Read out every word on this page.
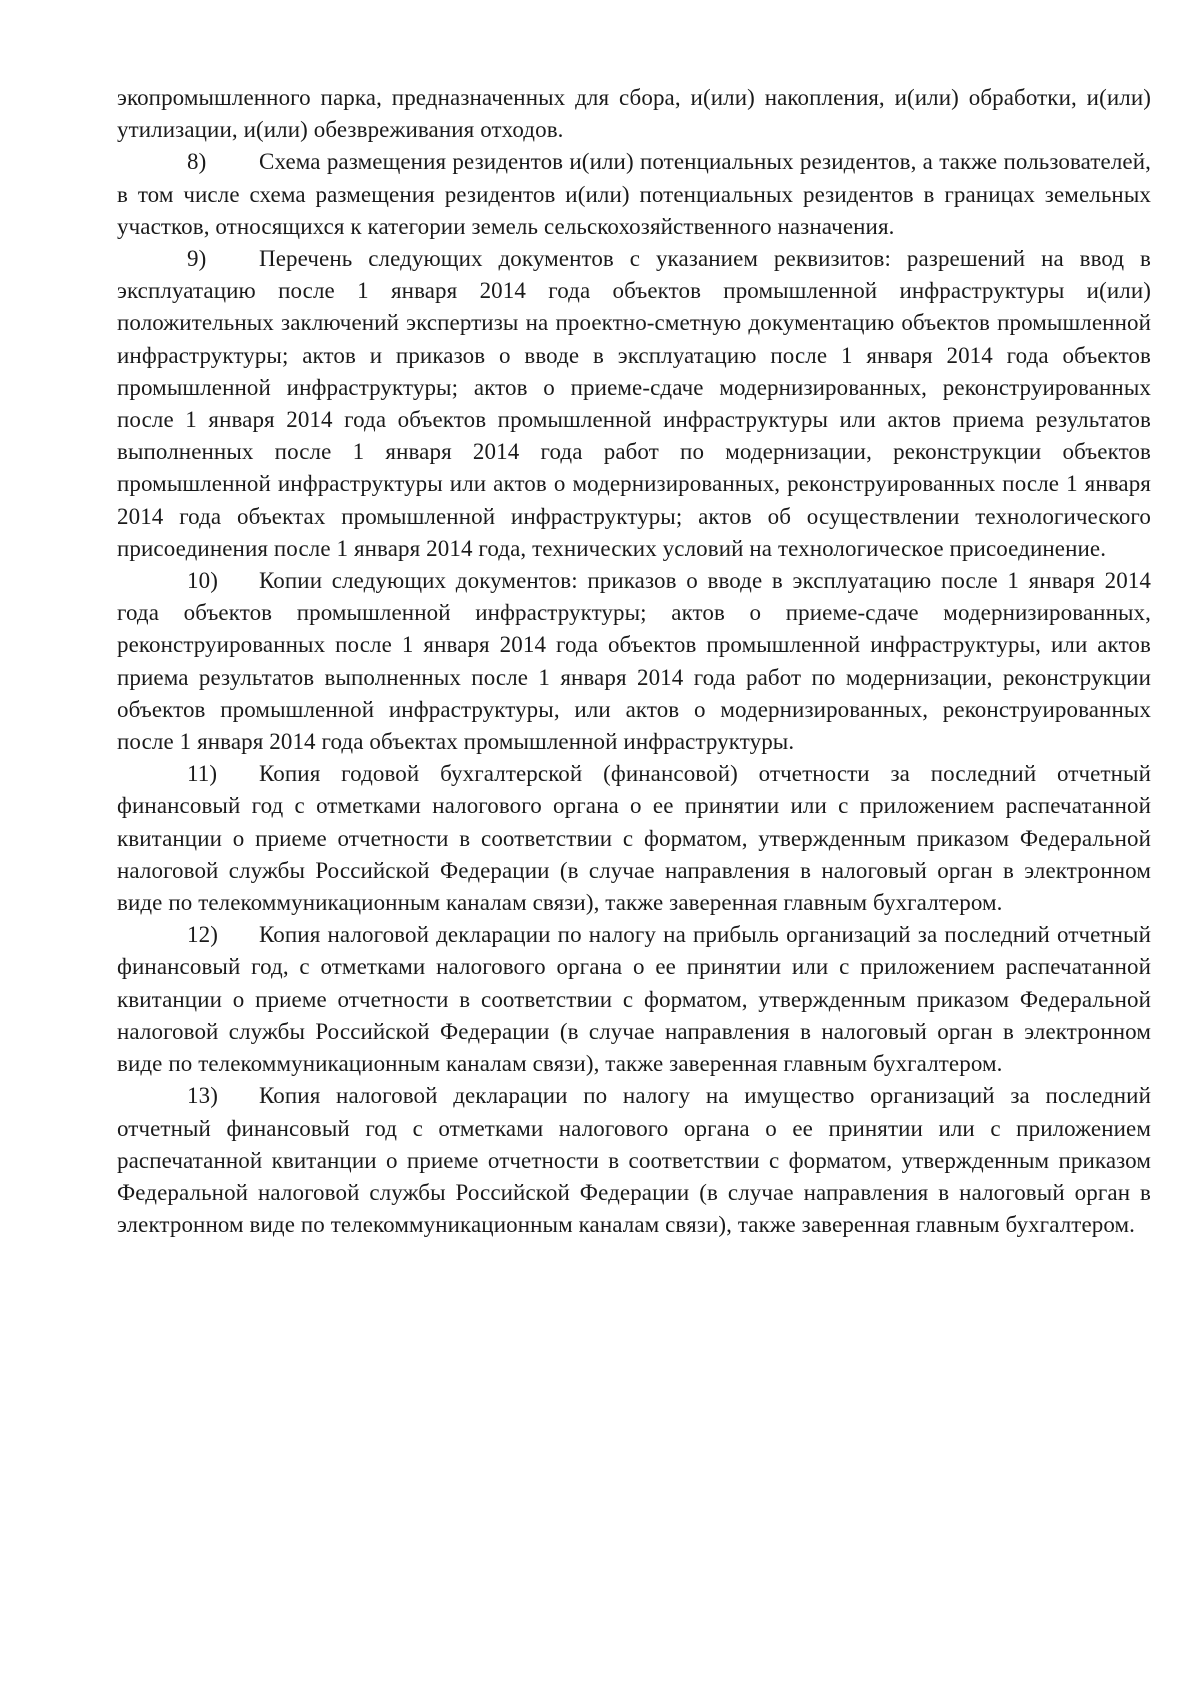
экопромышленного парка, предназначенных для сбора, и(или) накопления, и(или) обработки, и(или) утилизации, и(или) обезвреживания отходов.

8) Схема размещения резидентов и(или) потенциальных резидентов, а также пользователей, в том числе схема размещения резидентов и(или) потенциальных резидентов в границах земельных участков, относящихся к категории земель сельскохозяйственного назначения.

9) Перечень следующих документов с указанием реквизитов: разрешений на ввод в эксплуатацию после 1 января 2014 года объектов промышленной инфраструктуры и(или) положительных заключений экспертизы на проектно-сметную документацию объектов промышленной инфраструктуры; актов и приказов о вводе в эксплуатацию после 1 января 2014 года объектов промышленной инфраструктуры; актов о приеме-сдаче модернизированных, реконструированных после 1 января 2014 года объектов промышленной инфраструктуры или актов приема результатов выполненных после 1 января 2014 года работ по модернизации, реконструкции объектов промышленной инфраструктуры или актов о модернизированных, реконструированных после 1 января 2014 года объектах промышленной инфраструктуры; актов об осуществлении технологического присоединения после 1 января 2014 года, технических условий на технологическое присоединение.

10) Копии следующих документов: приказов о вводе в эксплуатацию после 1 января 2014 года объектов промышленной инфраструктуры; актов о приеме-сдаче модернизированных, реконструированных после 1 января 2014 года объектов промышленной инфраструктуры, или актов приема результатов выполненных после 1 января 2014 года работ по модернизации, реконструкции объектов промышленной инфраструктуры, или актов о модернизированных, реконструированных после 1 января 2014 года объектах промышленной инфраструктуры.

11) Копия годовой бухгалтерской (финансовой) отчетности за последний отчетный финансовый год с отметками налогового органа о ее принятии или с приложением распечатанной квитанции о приеме отчетности в соответствии с форматом, утвержденным приказом Федеральной налоговой службы Российской Федерации (в случае направления в налоговый орган в электронном виде по телекоммуникационным каналам связи), также заверенная главным бухгалтером.

12) Копия налоговой декларации по налогу на прибыль организаций за последний отчетный финансовый год, с отметками налогового органа о ее принятии или с приложением распечатанной квитанции о приеме отчетности в соответствии с форматом, утвержденным приказом Федеральной налоговой службы Российской Федерации (в случае направления в налоговый орган в электронном виде по телекоммуникационным каналам связи), также заверенная главным бухгалтером.

13) Копия налоговой декларации по налогу на имущество организаций за последний отчетный финансовый год с отметками налогового органа о ее принятии или с приложением распечатанной квитанции о приеме отчетности в соответствии с форматом, утвержденным приказом Федеральной налоговой службы Российской Федерации (в случае направления в налоговый орган в электронном виде по телекоммуникационным каналам связи), также заверенная главным бухгалтером.
